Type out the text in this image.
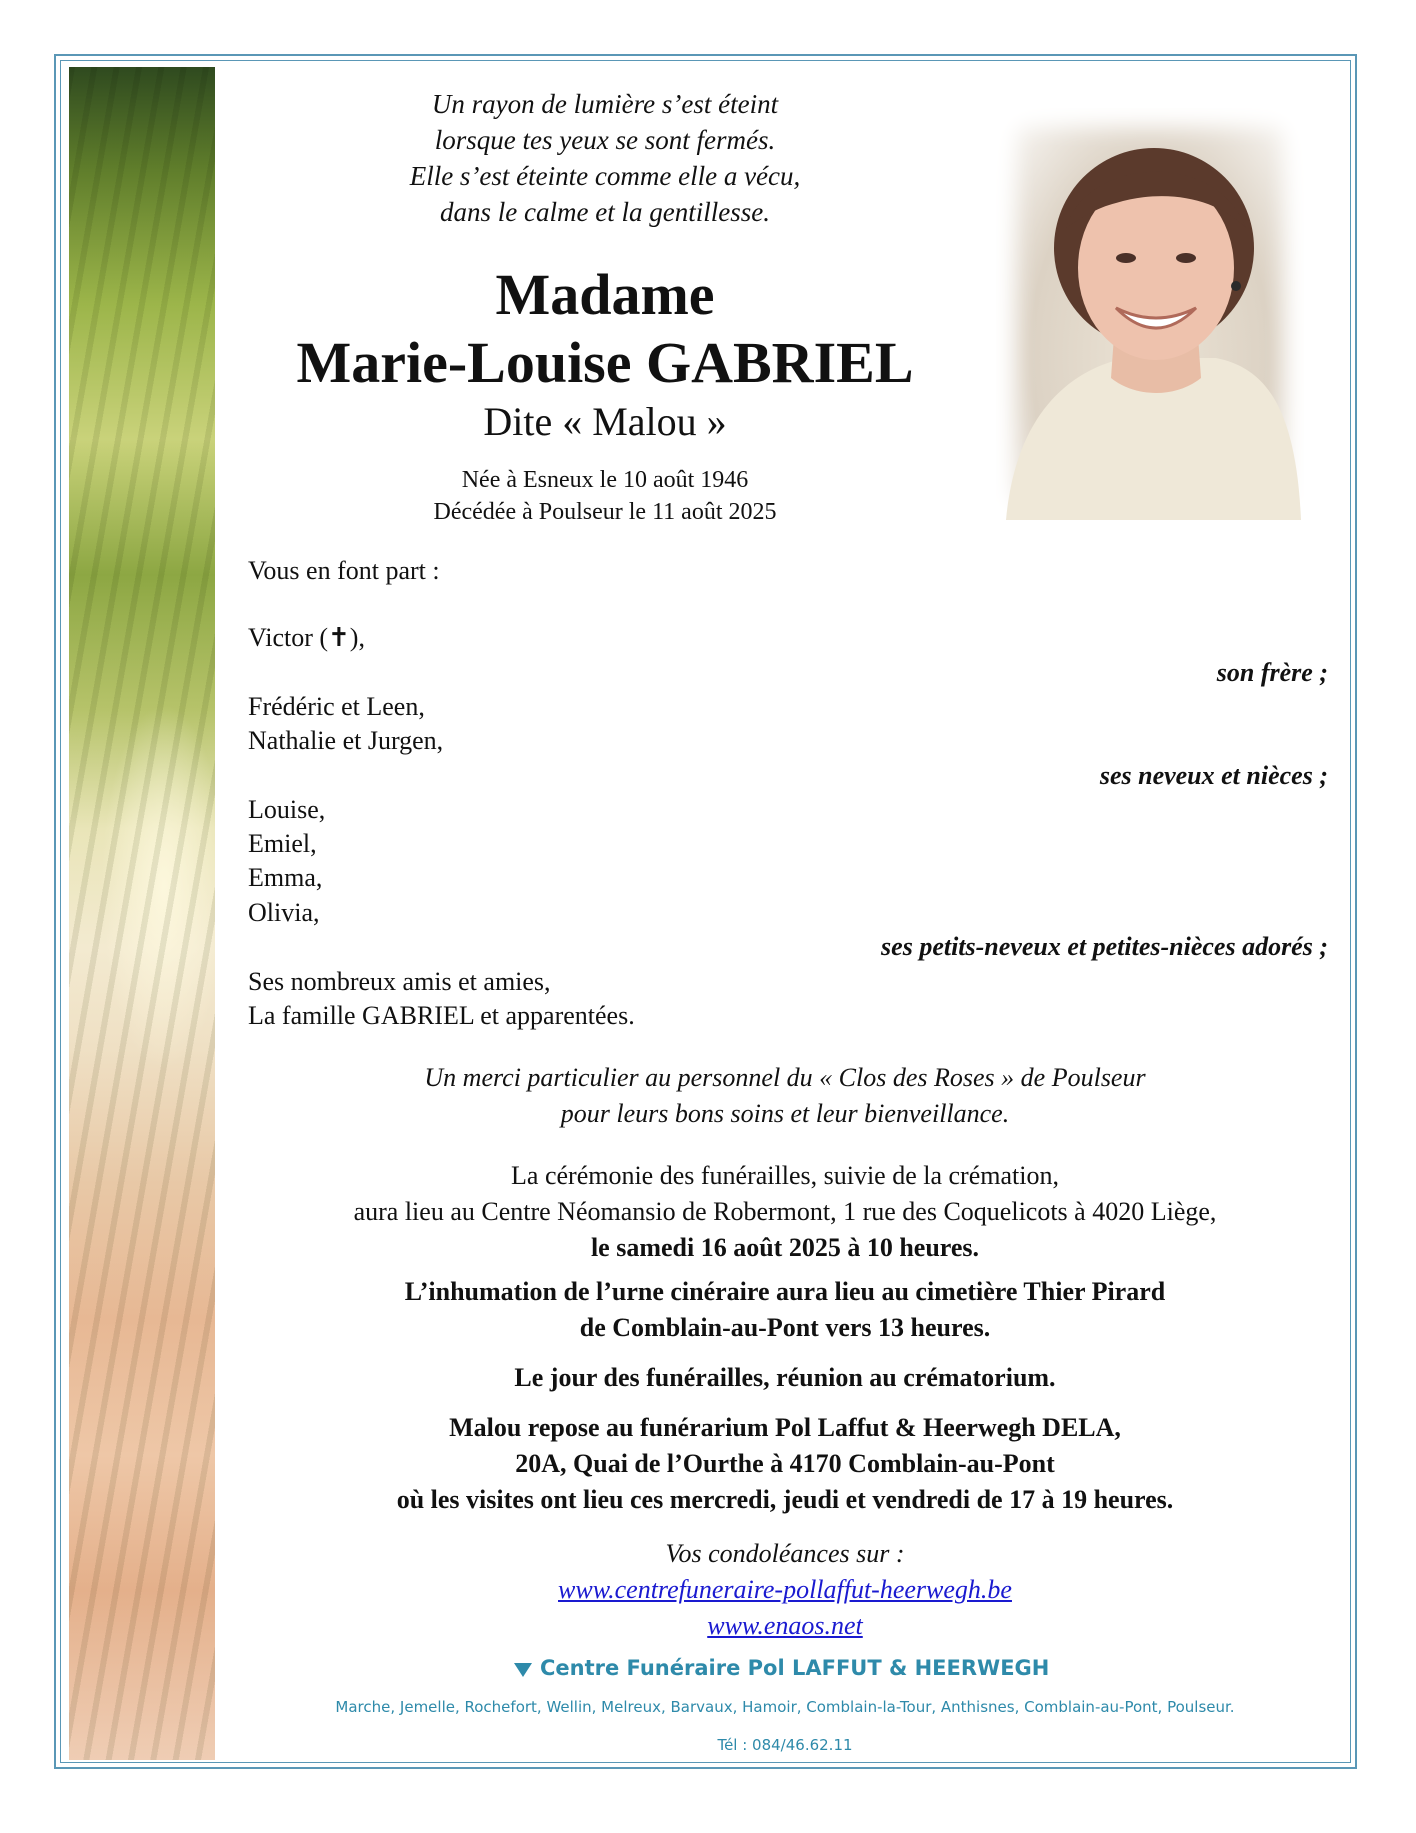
Un rayon de lumière s’est éteint
lorsque tes yeux se sont fermés.
Elle s’est éteinte comme elle a vécu,
dans le calme et la gentillesse.
Madame
Marie-Louise GABRIEL
Dite « Malou »
Née à Esneux le 10 août 1946
Décédée à Poulseur le 11 août 2025
Vous en font part :
Victor (✝),
son frère ;
Frédéric et Leen,
Nathalie et Jurgen,
ses neveux et nièces ;
Louise,
Emiel,
Emma,
Olivia,
ses petits-neveux et petites-nièces adorés ;
Ses nombreux amis et amies,
La famille GABRIEL et apparentées.
Un merci particulier au personnel du « Clos des Roses » de Poulseur
pour leurs bons soins et leur bienveillance.
La cérémonie des funérailles, suivie de la crémation,
aura lieu au Centre Néomansio de Robermont, 1 rue des Coquelicots à 4020 Liège,
le samedi 16 août 2025 à 10 heures.
L’inhumation de l’urne cinéraire aura lieu au cimetière Thier Pirard
de Comblain-au-Pont vers 13 heures.
Le jour des funérailles, réunion au crématorium.
Malou repose au funérarium Pol Laffut & Heerwegh DELA,
20A, Quai de l’Ourthe à 4170 Comblain-au-Pont
où les visites ont lieu ces mercredi, jeudi et vendredi de 17 à 19 heures.
Vos condoléances sur :
www.centrefuneraire-pollaffut-heerwegh.be
www.enaos.net
Centre Funéraire Pol LAFFUT & HEERWEGH
Marche, Jemelle, Rochefort, Wellin, Melreux, Barvaux, Hamoir, Comblain-la-Tour, Anthisnes, Comblain-au-Pont, Poulseur.
Tél : 084/46.62.11
